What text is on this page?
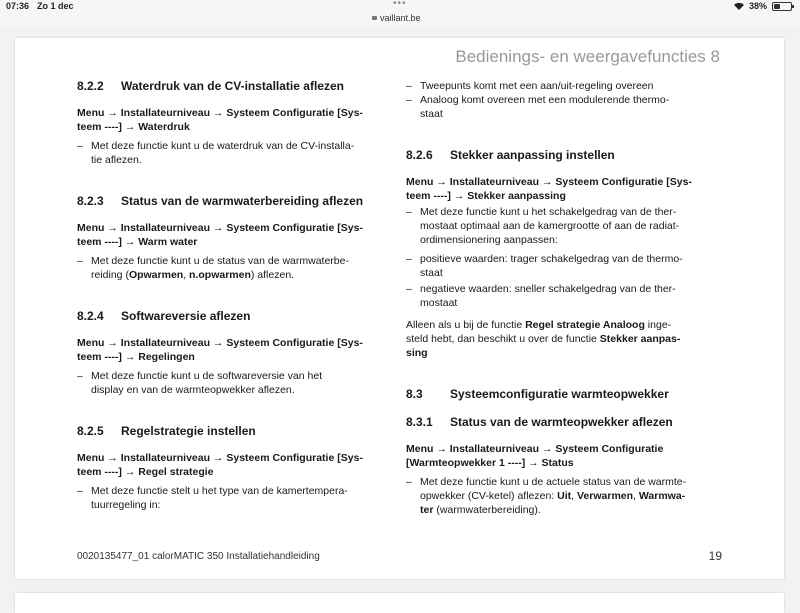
07:36 Zo 1 dec	•••
vaillant.be
38%
Bedienings- en weergavefuncties 8
8.2.2 Waterdruk van de CV-installatie aflezen

Menu → Installateurniveau → Systeem Configuratie [Sys-
teem ----] → Waterdruk

– Met deze functie kunt u de waterdruk van de CV-installa-
tie aflezen.

8.2.3 Status van de warmwaterbereiding aflezen

Menu → Installateurniveau → Systeem Configuratie [Sys-
teem ----] → Warm water

– Met deze functie kunt u de status van de warmwaterbe-
reiding (Opwarmen, n.opwarmen) aflezen.

8.2.4 Softwareversie aflezen

Menu → Installateurniveau → Systeem Configuratie [Sys-
teem ----] → Regelingen

– Met deze functie kunt u de softwareversie van het
display en van de warmteopwekker aflezen.

8.2.5 Regelstrategie instellen

Menu → Installateurniveau → Systeem Configuratie [Sys-
teem ----] → Regel strategie

– Met deze functie stelt u het type van de kamertempera-
tuurregeling in:

– Tweepunts komt met een aan/uit-regeling overeen

– Analoog komt overeen met een modulerende thermo-
staat

8.2.6 Stekker aanpassing instellen

Menu → Installateurniveau → Systeem Configuratie [Sys-
teem ----] → Stekker aanpassing

– Met deze functie kunt u het schakelgedrag van de ther-
mostaat optimaal aan de kamergrootte of aan de radiat-
ordimensionering aanpassen:

– positieve waarden: trager schakelgedrag van de thermo-
staat

– negatieve waarden: sneller schakelgedrag van de ther-
mostaat

Alleen als u bij de functie Regel strategie Analoog inge-
steld hebt, dan beschikt u over de functie Stekker aanpas-
sing

8.3 Systeemconfiguratie warmteopwekker
8.3.1 Status van de warmteopwekker aflezen

Menu → Installateurniveau → Systeem Configuratie
[Warmteopwekker 1 ----] → Status

– Met deze functie kunt u de actuele status van de warmte-
opwekker (CV-ketel) aflezen: Uit, Verwarmen, Warmwa-
ter (warmwaterbereiding).

0020135477_01 calorMATIC 350 Installatiehandleiding	19
